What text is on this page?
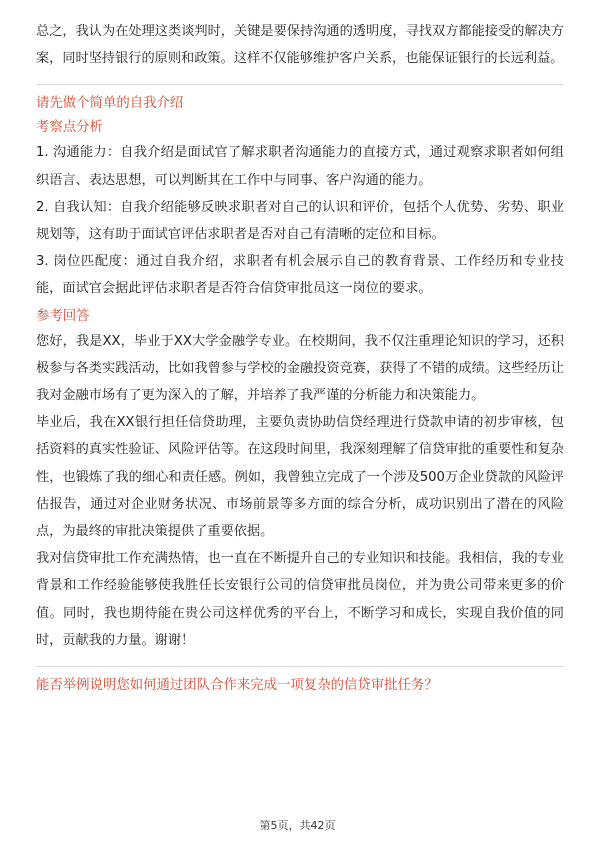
总之，我认为在处理这类谈判时，关键是要保持沟通的透明度，寻找双方都能接受的解决方案，同时坚持银行的原则和政策。这样不仅能够维护客户关系，也能保证银行的长远利益。

请先做个简单的自我介绍
考察点分析

1. 沟通能力：自我介绍是面试官了解求职者沟通能力的直接方式，通过观察求职者如何组织语言、表达思想，可以判断其在工作中与同事、客户沟通的能力。

2. 自我认知：自我介绍能够反映求职者对自己的认识和评价，包括个人优势、劣势、职业规划等，这有助于面试官评估求职者是否对自己有清晰的定位和目标。

3. 岗位匹配度：通过自我介绍，求职者有机会展示自己的教育背景、工作经历和专业技能，面试官会据此评估求职者是否符合信贷审批员这一岗位的要求。

参考回答

您好，我是XX，毕业于XX大学金融学专业。在校期间，我不仅注重理论知识的学习，还积极参与各类实践活动，比如我曾参与学校的金融投资竞赛，获得了不错的成绩。这些经历让我对金融市场有了更为深入的了解，并培养了我严谨的分析能力和决策能力。

毕业后，我在XX银行担任信贷助理，主要负责协助信贷经理进行贷款申请的初步审核，包括资料的真实性验证、风险评估等。在这段时间里，我深刻理解了信贷审批的重要性和复杂性，也锻炼了我的细心和责任感。例如，我曾独立完成了一个涉及500万企业贷款的风险评估报告，通过对企业财务状况、市场前景等多方面的综合分析，成功识别出了潜在的风险点，为最终的审批决策提供了重要依据。

我对信贷审批工作充满热情，也一直在不断提升自己的专业知识和技能。我相信，我的专业背景和工作经验能够使我胜任长安银行公司的信贷审批员岗位，并为贵公司带来更多的价值。同时，我也期待能在贵公司这样优秀的平台上，不断学习和成长，实现自我价值的同时，贡献我的力量。谢谢！

能否举例说明您如何通过团队合作来完成一项复杂的信贷审批任务？
第5页，共42页
